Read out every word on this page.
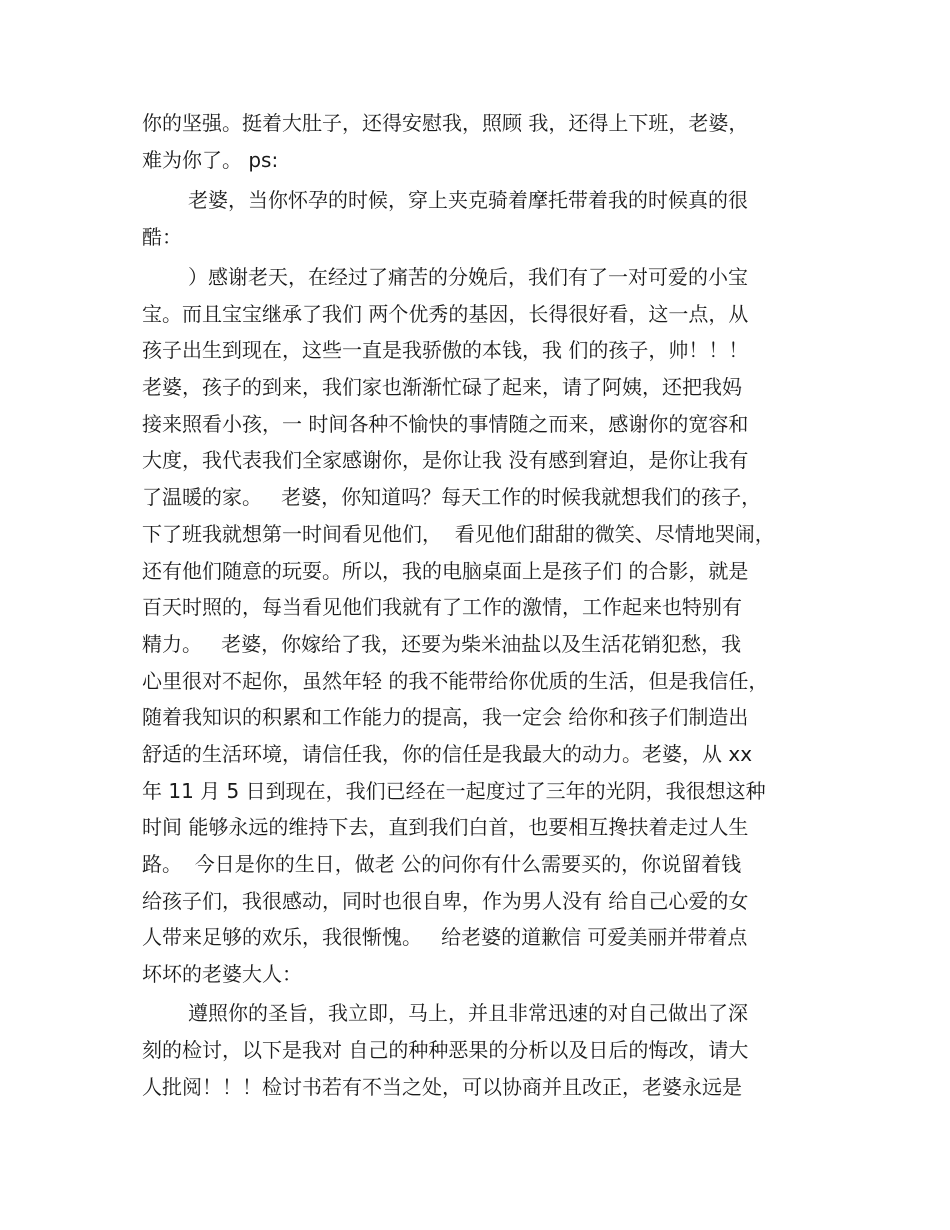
你的坚强。挺着大肚子，还得安慰我，照顾 我，还得上下班，老婆，
难为你了。 ps:
老婆，当你怀孕的时候，穿上夹克骑着摩托带着我的时候真的很
酷：
）感谢老天，在经过了痛苦的分娩后，我们有了一对可爱的小宝
宝。而且宝宝继承了我们 两个优秀的基因，长得很好看，这一点，从
孩子出生到现在，这些一直是我骄傲的本钱，我 们的孩子，帅！！！
老婆，孩子的到来，我们家也渐渐忙碌了起来，请了阿姨，还把我妈
接来照看小孩，一 时间各种不愉快的事情随之而来，感谢你的宽容和
大度，我代表我们全家感谢你，是你让我 没有感到窘迫，是你让我有
了温暖的家。   老婆，你知道吗？每天工作的时候我就想我们的孩子，
下了班我就想第一时间看见他们，  看见他们甜甜的微笑、尽情地哭闹，
还有他们随意的玩耍。所以，我的电脑桌面上是孩子们 的合影，就是
百天时照的，每当看见他们我就有了工作的激情，工作起来也特别有
精力。   老婆，你嫁给了我，还要为柴米油盐以及生活花销犯愁，我
心里很对不起你，虽然年轻 的我不能带给你优质的生活，但是我信任，
随着我知识的积累和工作能力的提高，我一定会 给你和孩子们制造出
舒适的生活环境，请信任我，你的信任是我最大的动力。老婆，从 xx
年 11 月 5 日到现在，我们已经在一起度过了三年的光阴，我很想这种
时间 能够永远的维持下去，直到我们白首，也要相互搀扶着走过人生
路。  今日是你的生日，做老 公的问你有什么需要买的，你说留着钱
给孩子们，我很感动，同时也很自卑，作为男人没有 给自己心爱的女
人带来足够的欢乐，我很惭愧。   给老婆的道歉信 可爱美丽并带着点
坏坏的老婆大人：
遵照你的圣旨，我立即，马上，并且非常迅速的对自己做出了深
刻的检讨，以下是我对 自己的种种恶果的分析以及日后的悔改，请大
人批阅！！！检讨书若有不当之处，可以协商并且改正，老婆永远是
